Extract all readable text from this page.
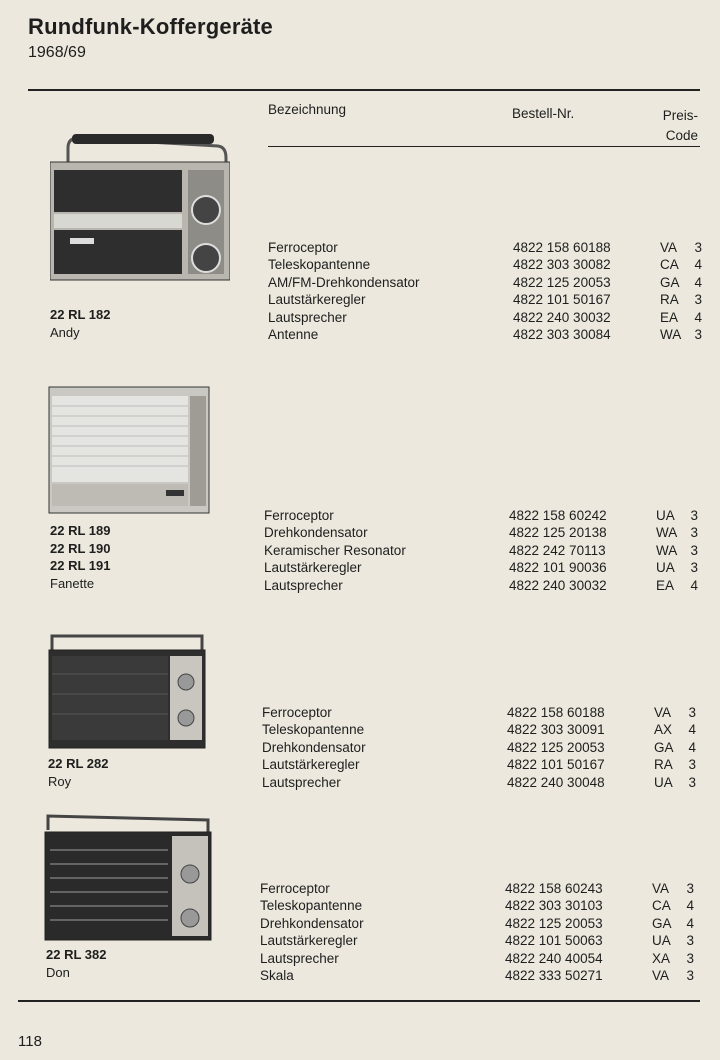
Rundfunk-Koffergeräte
1968/69
Bezeichnung	Bestell-Nr.	Preis-
Code
22 RL 182
Andy
Ferroceptor	4822 158 60188	VA 3
Teleskopantenne	4822 303 30082	CA 4
AM/FM-Drehkondensator	4822 125 20053	GA 4
Lautstärkeregler	4822 101 50167	RA 3
Lautsprecher	4822 240 30032	EA 4
Antenne	4822 303 30084	WA 3
22 RL 189
22 RL 190
22 RL 191
Fanette
Ferroceptor	4822 158 60242	UA 3
Drehkondensator	4822 125 20138	WA 3
Keramischer Resonator	4822 242 70113	WA 3
Lautstärkeregler	4822 101 90036	UA 3
Lautsprecher	4822 240 30032	EA 4
22 RL 282
Roy
Ferroceptor	4822 158 60188	VA 3
Teleskopantenne	4822 303 30091	AX 4
Drehkondensator	4822 125 20053	GA 4
Lautstärkeregler	4822 101 50167	RA 3
Lautsprecher	4822 240 30048	UA 3
22 RL 382
Don
Ferroceptor	4822 158 60243	VA 3
Teleskopantenne	4822 303 30103	CA 4
Drehkondensator	4822 125 20053	GA 4
Lautstärkeregler	4822 101 50063	UA 3
Lautsprecher	4822 240 40054	XA 3
Skala	4822 333 50271	VA 3
118
